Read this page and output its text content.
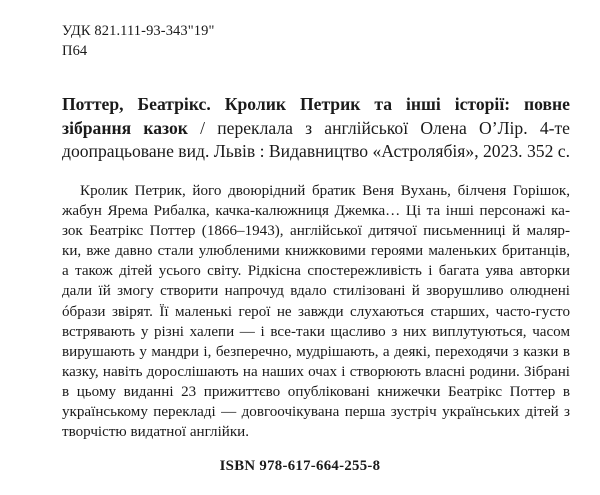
УДК 821.111-93-343"19"
П64
Поттер, Беатрікс. Кролик Петрик та інші історії: повне зібрання казок / переклала з англійської Олена О’Лір. 4-те доопрацьоване вид. Львів : Видавництво «Астролябія», 2023. 352 с.
Кролик Петрик, його двоюрідний братик Веня Вухань, білченя Горішок,
жабун Ярема Рибалка, качка-калюжниця Джемка… Ці та інші персонажі ка-
зок Беатрікс Поттер (1866–1943), англійської дитячої письменниці й маляр-
ки, вже давно стали улюбленими книжковими героями маленьких британців,
а також дітей усього світу. Рідкісна спостережливість і багата уява авторки
дали їй змогу створити напрочуд вдало стилізовані й зворушливо олюднені
óбрази звірят. Її маленькі герої не завжди слухаються старших, часто-густо
встрявають у різні халепи — і все-таки щасливо з них виплутуються, часом
вирушають у мандри і, безперечно, мудрішають, а деякі, переходячи з казки в
казку, навіть дорослішають на наших очах і створюють власні родини. Зібрані
в цьому виданні 23 прижиттєво опубліковані книжечки Беатрікс Поттер в
українському перекладі — довгоочікувана перша зустріч українських дітей з
творчістю видатної англійки.
ISBN 978-617-664-255-8
